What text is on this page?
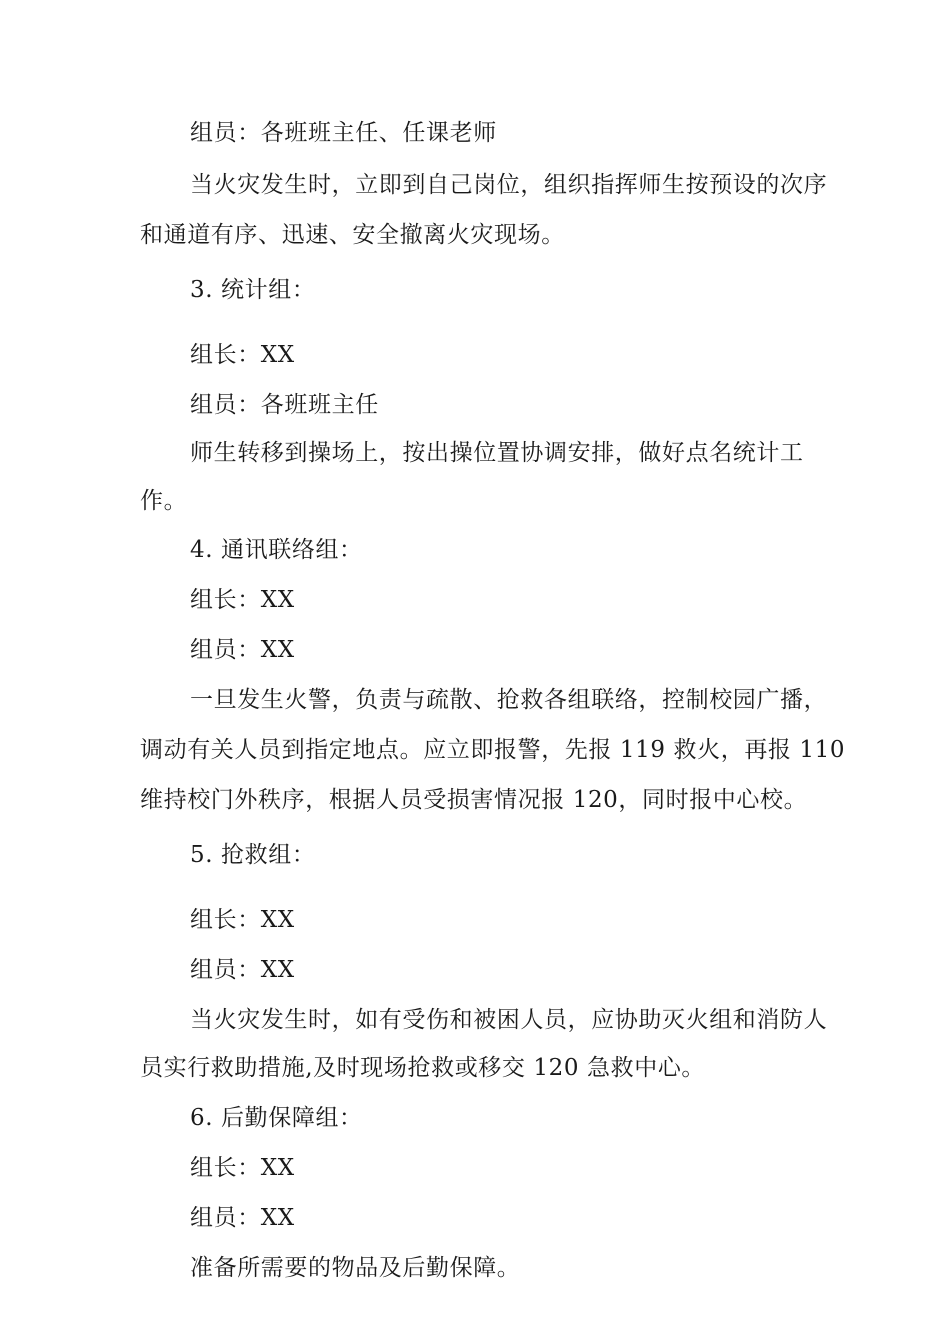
组员：各班班主任、任课老师
当火灾发生时，立即到自己岗位，组织指挥师生按预设的次序
和通道有序、迅速、安全撤离火灾现场。
3. 统计组：
组长：XX
组员：各班班主任
师生转移到操场上，按出操位置协调安排，做好点名统计工
作。
4. 通讯联络组：
组长：XX
组员：XX
一旦发生火警，负责与疏散、抢救各组联络，控制校园广播，
调动有关人员到指定地点。应立即报警，先报 119 救火，再报 110
维持校门外秩序，根据人员受损害情况报 120，同时报中心校。
5. 抢救组：
组长：XX
组员：XX
当火灾发生时，如有受伤和被困人员，应协助灭火组和消防人
员实行救助措施,及时现场抢救或移交 120 急救中心。
6. 后勤保障组：
组长：XX
组员：XX
准备所需要的物品及后勤保障。
